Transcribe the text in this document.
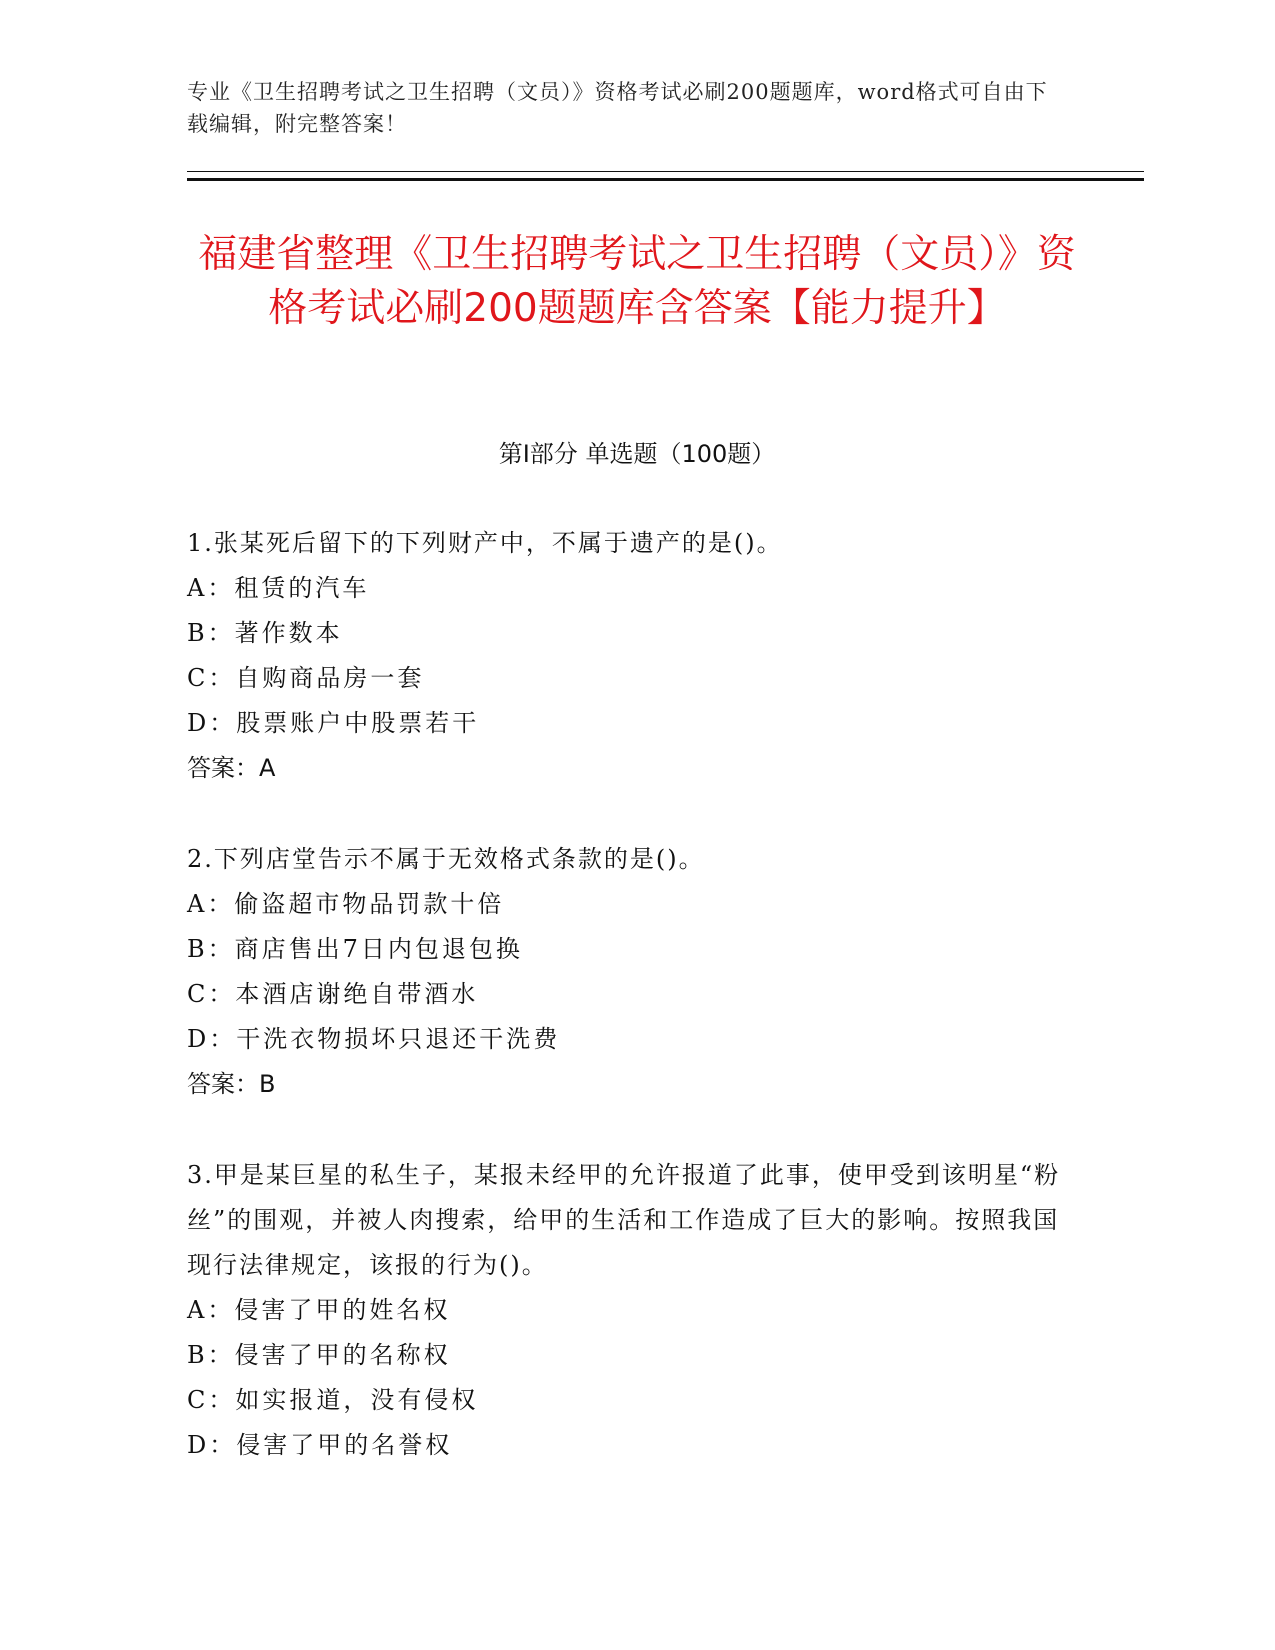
专业《卫生招聘考试之卫生招聘（文员）》资格考试必刷200题题库，word格式可自由下载编辑，附完整答案！
福建省整理《卫生招聘考试之卫生招聘（文员）》资格考试必刷200题题库含答案【能力提升】
第I部分 单选题（100题）
1.张某死后留下的下列财产中，不属于遗产的是()。
A：租赁的汽车
B：著作数本
C：自购商品房一套
D：股票账户中股票若干
答案：A
2.下列店堂告示不属于无效格式条款的是()。
A：偷盗超市物品罚款十倍
B：商店售出7日内包退包换
C：本酒店谢绝自带酒水
D：干洗衣物损坏只退还干洗费
答案：B
3.甲是某巨星的私生子，某报未经甲的允许报道了此事，使甲受到该明星“粉丝”的围观，并被人肉搜索，给甲的生活和工作造成了巨大的影响。按照我国现行法律规定，该报的行为()。
A：侵害了甲的姓名权
B：侵害了甲的名称权
C：如实报道，没有侵权
D：侵害了甲的名誉权
